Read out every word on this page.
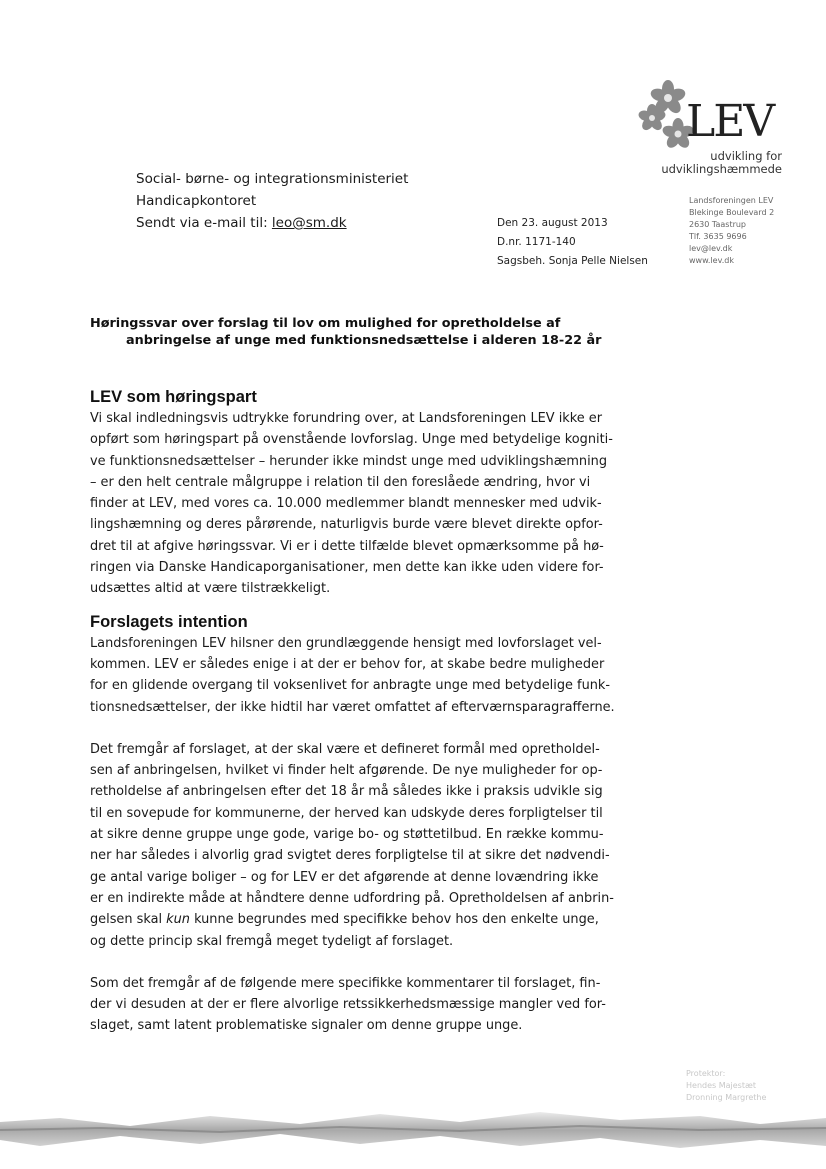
LEV
udvikling for
udviklingshæmmede
Social- børne- og integrationsministeriet
Handicapkontoret
Sendt via e-mail til: leo@sm.dk	Den 23. august 2013
D.nr. 1171-140
Sagsbeh. Sonja Pelle Nielsen
Landsforeningen LEV
Blekinge Boulevard 2
2630 Taastrup
Tlf. 3635 9696
lev@lev.dk
www.lev.dk
Høringssvar over forslag til lov om mulighed for opretholdelse af
anbringelse af unge med funktionsnedsættelse i alderen 18-22 år
LEV som høringspart

Vi skal indledningsvis udtrykke forundring over, at Landsforeningen LEV ikke er
opført som høringspart på ovenstående lovforslag. Unge med betydelige kogniti-
ve funktionsnedsættelser – herunder ikke mindst unge med udviklingshæmning
– er den helt centrale målgruppe i relation til den foreslåede ændring, hvor vi
finder at LEV, med vores ca. 10.000 medlemmer blandt mennesker med udvik-
lingshæmning og deres pårørende, naturligvis burde være blevet direkte opfor-
dret til at afgive høringssvar. Vi er i dette tilfælde blevet opmærksomme på hø-
ringen via Danske Handicaporganisationer, men dette kan ikke uden videre for-
udsættes altid at være tilstrækkeligt.

Forslagets intention

Landsforeningen LEV hilsner den grundlæggende hensigt med lovforslaget vel-
kommen. LEV er således enige i at der er behov for, at skabe bedre muligheder
for en glidende overgang til voksenlivet for anbragte unge med betydelige funk-
tionsnedsættelser, der ikke hidtil har været omfattet af efterværnsparagrafferne.

Det fremgår af forslaget, at der skal være et defineret formål med opretholdel-
sen af anbringelsen, hvilket vi finder helt afgørende. De nye muligheder for op-
retholdelse af anbringelsen efter det 18 år må således ikke i praksis udvikle sig
til en sovepude for kommunerne, der herved kan udskyde deres forpligtelser til
at sikre denne gruppe unge gode, varige bo- og støttetilbud. En række kommu-
ner har således i alvorlig grad svigtet deres forpligtelse til at sikre det nødvendi-
ge antal varige boliger – og for LEV er det afgørende at denne lovændring ikke
er en indirekte måde at håndtere denne udfordring på. Opretholdelsen af anbrin-
gelsen skal kun kunne begrundes med specifikke behov hos den enkelte unge,
og dette princip skal fremgå meget tydeligt af forslaget.

Som det fremgår af de følgende mere specifikke kommentarer til forslaget, fin-
der vi desuden at der er flere alvorlige retssikkerhedsmæssige mangler ved for-
slaget, samt latent problematiske signaler om denne gruppe unge.

Protektor:
Hendes Majestæt
Dronning Margrethe
